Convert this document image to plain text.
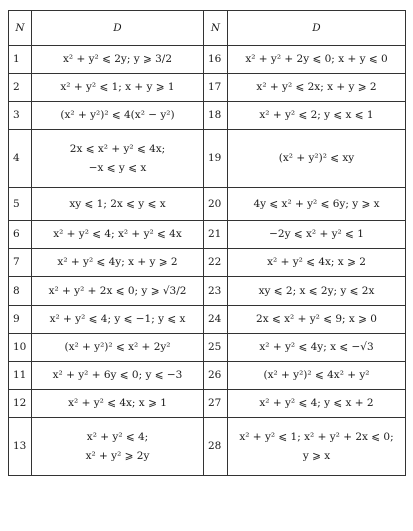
N	D	N	D
1	x² + y² ⩽ 2y; y ⩾ 3/2	16	x² + y² + 2y ⩽ 0; x + y ⩽ 0

2	x² + y² ⩽ 1; x + y ⩾ 1	17	x² + y² ⩽ 2x; x + y ⩾ 2

3	(x² + y²)² ⩽ 4(x² − y²)	18	x² + y² ⩽ 2; y ⩽ x ⩽ 1

4	2x ⩽ x² + y² ⩽ 4x;
−x ⩽ y ⩽ x	19	(x² + y²)² ⩽ xy

5	xy ⩽ 1; 2x ⩽ y ⩽ x	20	4y ⩽ x² + y² ⩽ 6y; y ⩾ x

6	x² + y² ⩽ 4; x² + y² ⩽ 4x	21	−2y ⩽ x² + y² ⩽ 1

7	x² + y² ⩽ 4y; x + y ⩾ 2	22	x² + y² ⩽ 4x; x ⩾ 2

8	x² + y² + 2x ⩽ 0; y ⩾ √3/2	23	xy ⩽ 2; x ⩽ 2y; y ⩽ 2x

9	x² + y² ⩽ 4; y ⩽ −1; y ⩽ x	24	2x ⩽ x² + y² ⩽ 9; x ⩾ 0

10	(x² + y²)² ⩽ x² + 2y²	25	x² + y² ⩽ 4y; x ⩽ −√3

11	x² + y² + 6y ⩽ 0; y ⩽ −3	26	(x² + y²)² ⩽ 4x² + y²

12	x² + y² ⩽ 4x; x ⩾ 1	27	x² + y² ⩽ 4; y ⩽ x + 2

13	x² + y² ⩽ 4;
x² + y² ⩾ 2y	28	x² + y² ⩽ 1; x² + y² + 2x ⩽ 0;
y ⩾ x
